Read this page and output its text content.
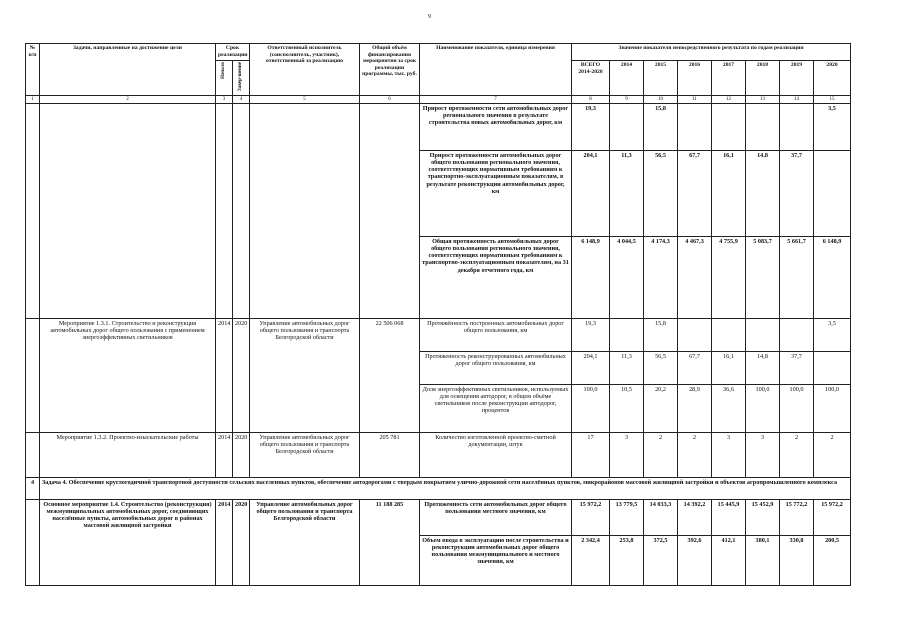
9
№ п/п	Задачи, направленные на достижение цели	Срок реализации		Ответственный исполнитель (соисполнитель, участник), ответственный за реализацию	Общий объём финансирования мероприятия за срок реализации программы, тыс. руб.	Наименование показателя, единица измерения	Значение показателя непосредственного результата по годам реализации							
		Начало	Завер-шение				ВСЕГО 2014-2020	2014	2015	2016	2017	2018	2019	2020
1	2	3	4	5	6	7	8	9	10	11	12	13	14	15
						Прирост протяженности сети автомобильных дорог регионального значения в результате строительства новых автомобильных дорог, км	19,3		15,8					3,5
						Прирост протяженности автомобильных дорог общего пользования регионального значения, соответствующих нормативным требованиям к транспортно-эксплуатационным показателям, в результате реконструкции автомобильных дорог, км	204,1	11,3	56,5	67,7	16,1	14,8	37,7	
						Общая протяженность автомобильных дорог общего пользования регионального значения, соответствующих нормативным требованиям к транспортно-эксплуатационным показателям, на 31 декабря отчетного года, км	6 148,9	4 044,5	4 174,3	4 467,3	4 755,9	5 083,7	5 661,7	6 148,9
	Мероприятие 1.3.1. Строительство и реконструкция автомобильных дорог общего пользования с применением энергоэффективных светильников	2014	2020	Управление автомобильных дорог общего пользования и транспорта Белгородской области	22 506 068	Протяжённость построенных автомобильных дорог общего пользования, км	19,3		15,8					3,5
						Протяженность реконструированных автомобильных дорог общего пользования, км	204,1	11,3	56,5	67,7	16,1	14,8	37,7	
						Доля энергоэффективных светильников, используемых для освещения автодорог, в общем объёме светильников после реконструкции автодорог, процентов	100,0	10,5	20,2	28,9	36,6	100,0	100,0	100,0
	Мероприятие 1.3.2. Проектно-изыскательские работы	2014	2020	Управление автомобильных дорог общего пользования и транспорта Белгородской области	205 781	Количество изготовленной проектно-сметной документации, штук	17	3	2	2	3	3	2	2
4	Задача 4. Обеспечение круглогодичной транспортной доступности сельских населенных пунктов, обеспечение автодорогами с твердым покрытием улично-дорожной сети населённых пунктов, микрорайонов массовой жилищной застройки и объектов агропромышленного комплекса													
	Основное мероприятие 1.4. Строительство (реконструкция) межмуниципальных автомобильных дорог, соединяющих населённые пункты, автомобильных дорог в районах массовой жилищной застройки	2014	2020	Управление автомобильных дорог общего пользования и транспорта Белгородской области	11 188 285	Протяженность сети автомобильных дорог общего пользования местного значения, км	15 972,2	13 779,5	14 033,3	14 392,2	15 445,9	15 452,9	15 772,2	15 972,2
						Объем ввода в эксплуатацию после строительства и реконструкции автомобильных дорог общего пользования межмуниципального и местного значения, км	2 342,4	253,8	372,5	392,6	412,1	380,1	330,8	200,5
